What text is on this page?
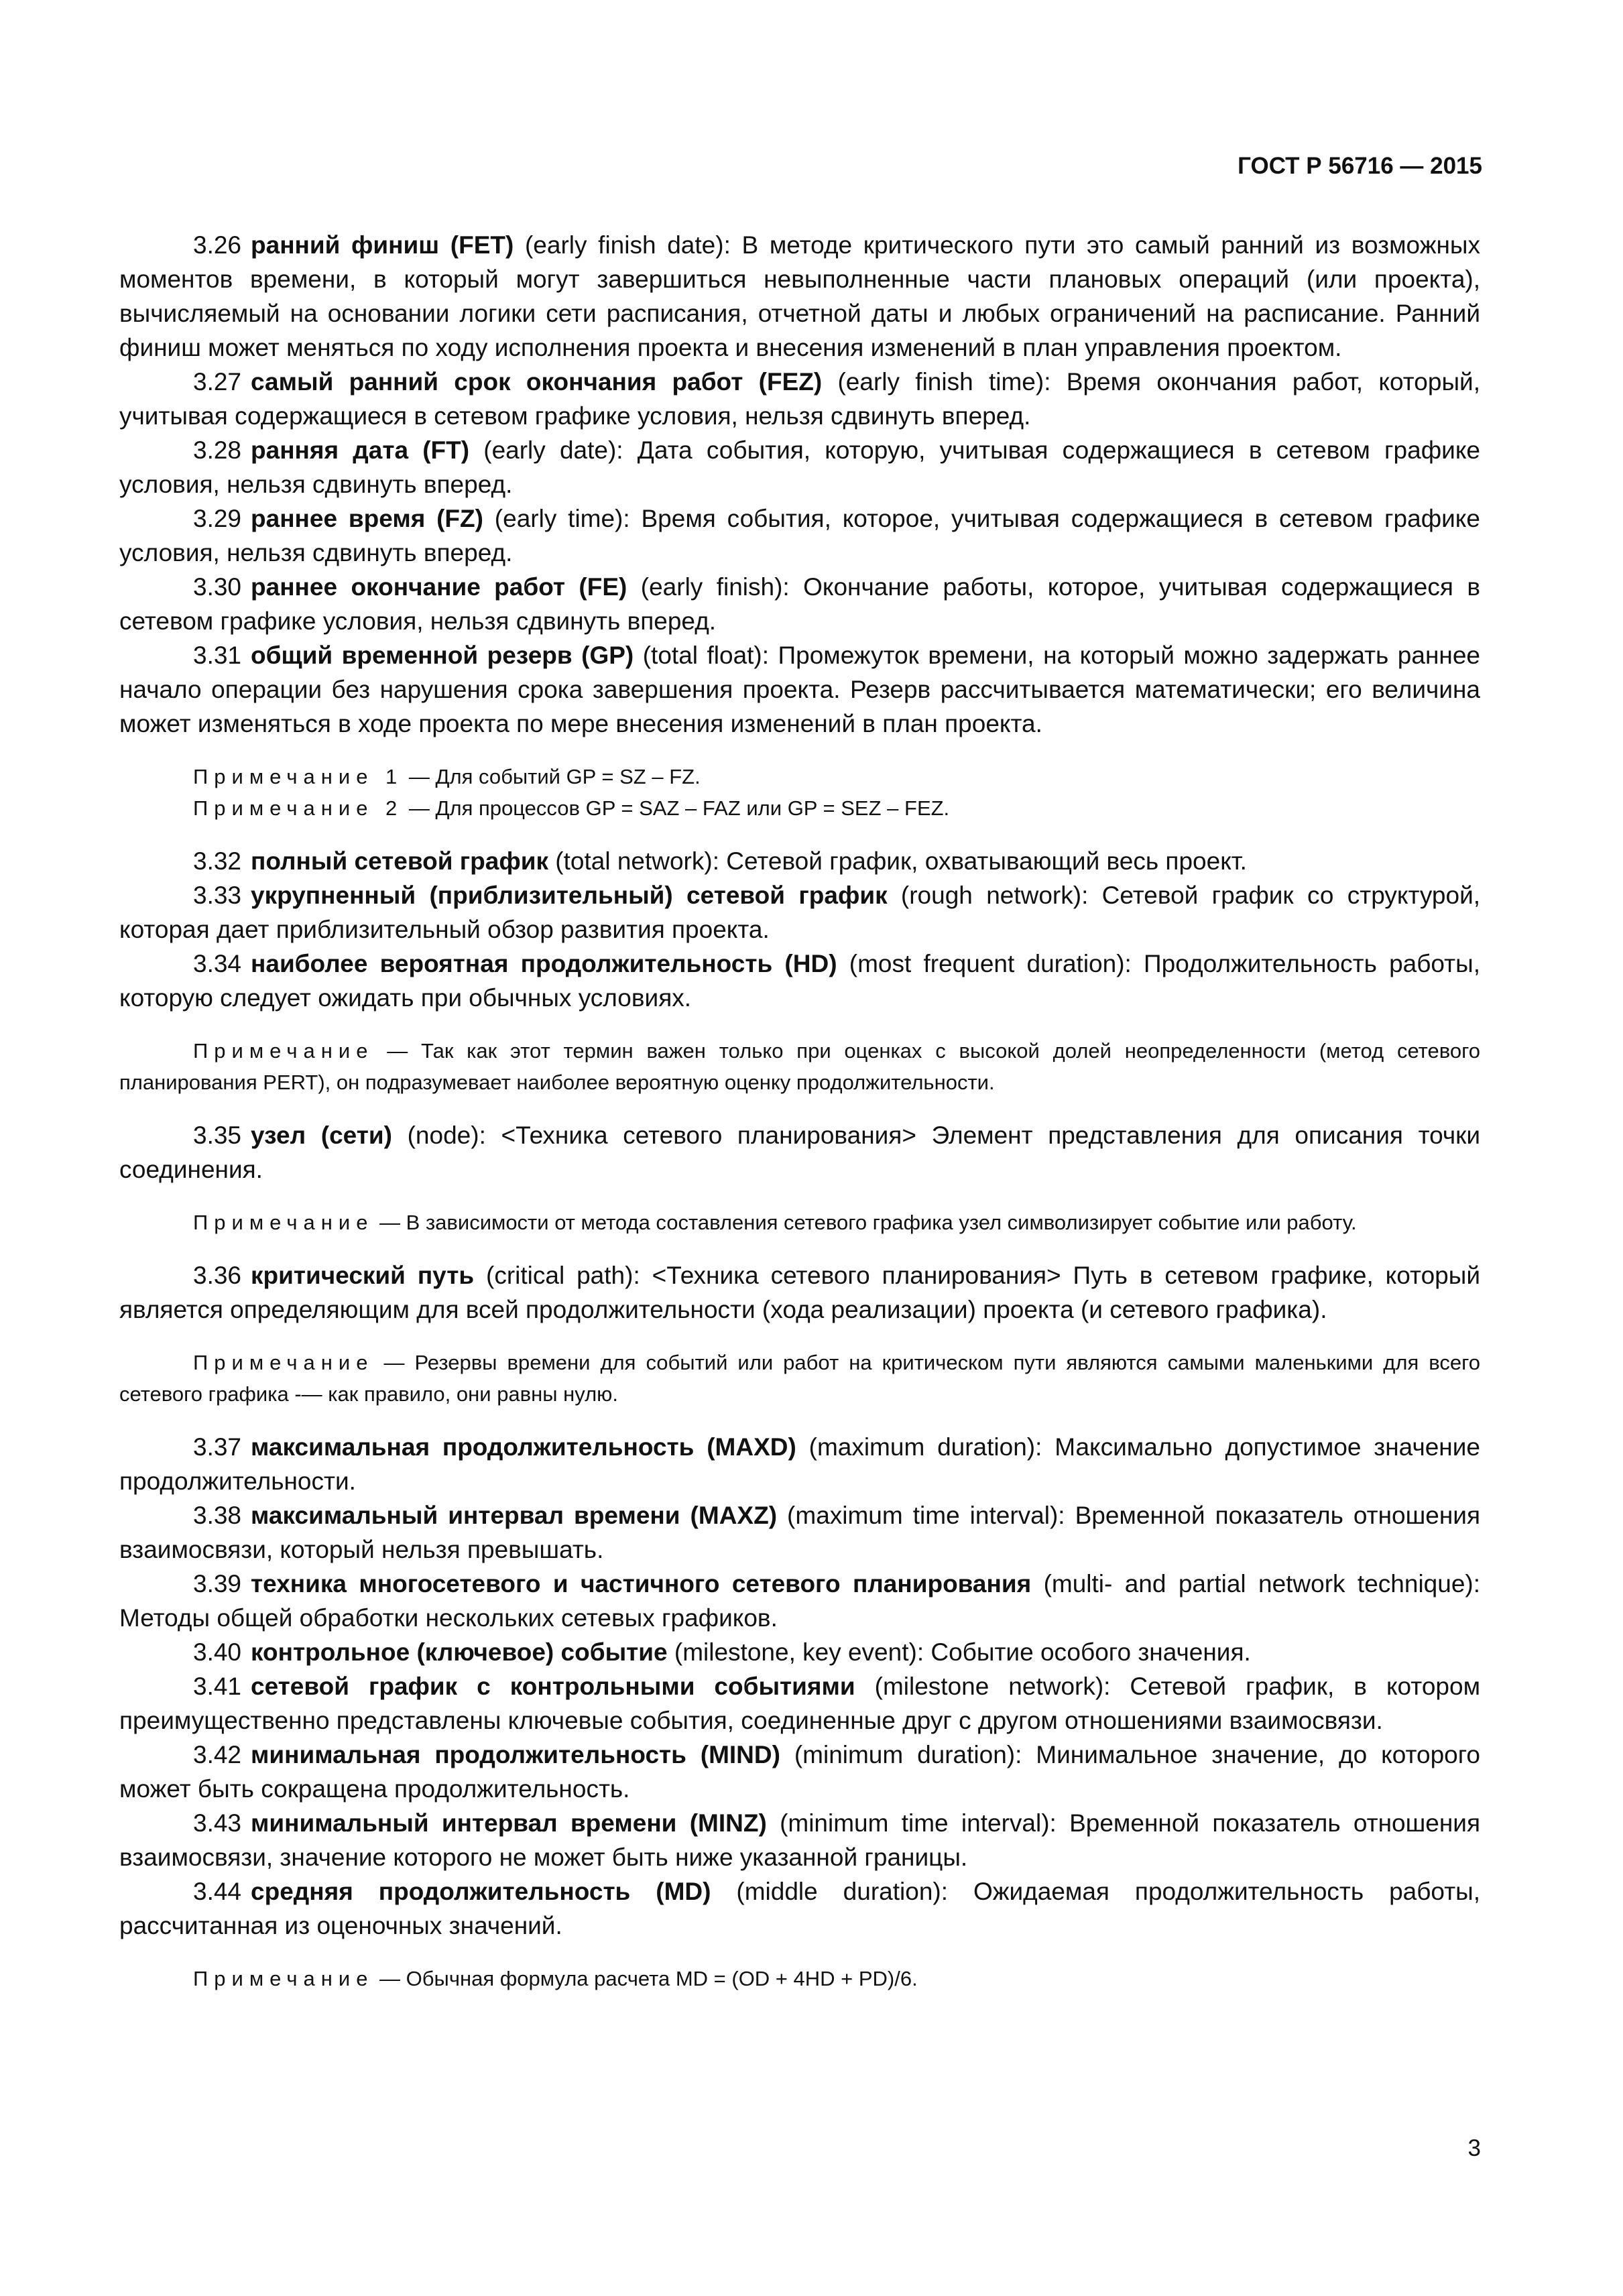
ГОСТ Р 56716 — 2015

3.26 ранний финиш (FET) (early finish date): В методе критического пути это самый ранний из возможных моментов времени, в который могут завершиться невыполненные части плановых операций (или проекта), вычисляемый на основании логики сети расписания, отчетной даты и любых ограничений на расписание. Ранний финиш может меняться по ходу исполнения проекта и внесения изменений в план управления проектом.

3.27 самый ранний срок окончания работ (FEZ) (early finish time): Время окончания работ, который, учитывая содержащиеся в сетевом графике условия, нельзя сдвинуть вперед.

3.28 ранняя дата (FT) (early date): Дата события, которую, учитывая содержащиеся в сетевом графике условия, нельзя сдвинуть вперед.

3.29 раннее время (FZ) (early time): Время события, которое, учитывая содержащиеся в сетевом графике условия, нельзя сдвинуть вперед.

3.30 раннее окончание работ (FE) (early finish): Окончание работы, которое, учитывая содержащиеся в сетевом графике условия, нельзя сдвинуть вперед.

3.31 общий временной резерв (GP) (total float): Промежуток времени, на который можно задержать раннее начало операции без нарушения срока завершения проекта. Резерв рассчитывается математически; его величина может изменяться в ходе проекта по мере внесения изменений в план проекта.

Примечание 1 — Для событий GP = SZ – FZ.

Примечание 2 — Для процессов GP = SAZ – FAZ или GP = SEZ – FEZ.

3.32 полный сетевой график (total network): Сетевой график, охватывающий весь проект.

3.33 укрупненный (приблизительный) сетевой график (rough network): Сетевой график со структурой, которая дает приблизительный обзор развития проекта.

3.34 наиболее вероятная продолжительность (HD) (most frequent duration): Продолжительность работы, которую следует ожидать при обычных условиях.

Примечание — Так как этот термин важен только при оценках с высокой долей неопределенности (метод сетевого планирования PERT), он подразумевает наиболее вероятную оценку продолжительности.

3.35 узел (сети) (node): <Техника сетевого планирования> Элемент представления для описания точки соединения.

Примечание — В зависимости от метода составления сетевого графика узел символизирует событие или работу.

3.36 критический путь (critical path): <Техника сетевого планирования> Путь в сетевом графике, который является определяющим для всей продолжительности (хода реализации) проекта (и сетевого графика).

Примечание — Резервы времени для событий или работ на критическом пути являются самыми маленькими для всего сетевого графика -— как правило, они равны нулю.

3.37 максимальная продолжительность (MAXD) (maximum duration): Максимально допустимое значение продолжительности.

3.38 максимальный интервал времени (MAXZ) (maximum time interval): Временной показатель отношения взаимосвязи, который нельзя превышать.

3.39 техника многосетевого и частичного сетевого планирования (multi- and partial network technique): Методы общей обработки нескольких сетевых графиков.

3.40 контрольное (ключевое) событие (milestone, key event): Событие особого значения.

3.41 сетевой график с контрольными событиями (milestone network): Сетевой график, в котором преимущественно представлены ключевые события, соединенные друг с другом отношениями взаимосвязи.

3.42 минимальная продолжительность (MIND) (minimum duration): Минимальное значение, до которого может быть сокращена продолжительность.

3.43 минимальный интервал времени (MINZ) (minimum time interval): Временной показатель отношения взаимосвязи, значение которого не может быть ниже указанной границы.

3.44 средняя продолжительность (MD) (middle duration): Ожидаемая продолжительность работы, рассчитанная из оценочных значений.

Примечание — Обычная формула расчета MD = (OD + 4HD + PD)/6.

3
